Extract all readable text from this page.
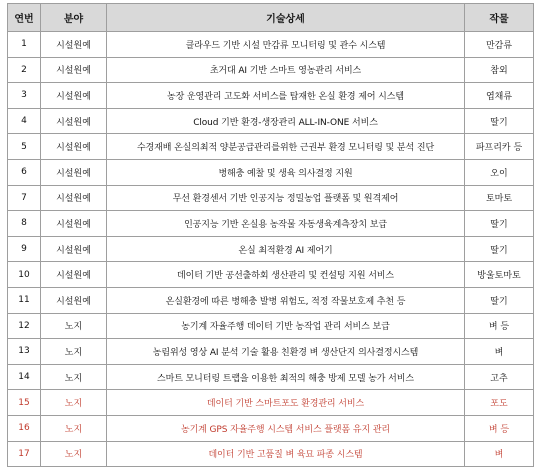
연번	분야	기술상세	작물
1	시설원예	클라우드 기반 시설 만감류 모니터링 및 관수 시스템	만감류
2	시설원예	초거대 AI 기반 스마트 영농관리 서비스	참외
3	시설원예	농장 운영관리 고도화 서비스를 탑재한 온실 환경 제어 시스템	엽채류
4	시설원예	Cloud 기반 환경-생장관리 ALL-IN-ONE 서비스	딸기
5	시설원예	수경재배 온실의최적 양분공급관리를위한 근권부 환경 모니터링 및 분석 진단	파프리카 등
6	시설원예	병해충 예찰 및 생육 의사결정 지원	오이
7	시설원예	무선 환경센서 기반 인공지능 정밀농업 플랫폼 및 원격제어	토마토
8	시설원예	인공지능 기반 온실용 농작물 자동생육계측장치 보급	딸기
9	시설원예	온실 최적환경 AI 제어기	딸기
10	시설원예	데이터 기반 공선출하회 생산관리 및 컨설팅 지원 서비스	방울토마토
11	시설원예	온실환경에 따른 병해충 발병 위험도, 적정 작물보호제 추천 등	딸기
12	노지	농기계 자율주행 데이터 기반 농작업 관리 서비스 보급	벼 등
13	노지	농림위성 영상 AI 분석 기술 활용 친환경 벼 생산단지 의사결정시스템	벼
14	노지	스마트 모니터링 트랩을 이용한 최적의 해충 방제 모델 농가 서비스	고추
15	노지	데이터 기반 스마트포도 환경관리 서비스	포도
16	노지	농기계 GPS 자율주행 시스템 서비스 플랫폼 유지 관리	벼 등
17	노지	데이터 기반 고품질 벼 육묘 파종 시스템	벼
